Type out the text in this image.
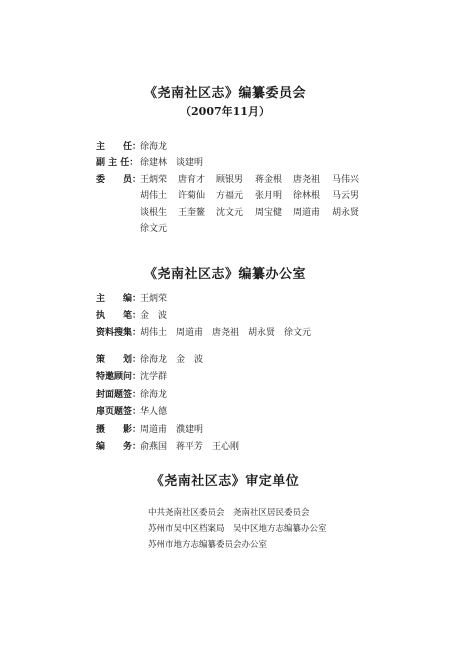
《尧南社区志》编纂委员会
（2007年11月）
主　　任：
徐海龙
副 主 任： 徐建林　谈建明
委　　员：
王炳荣 唐育才 顾银男 蒋金根 唐尧祖 马伟兴
胡伟土 许菊仙 方福元 张月明 徐林根 马云男
谈根生 王奎鳌 沈文元 周宝健 周道甫 胡永贤
徐文元
《尧南社区志》编纂办公室
主　　编：
王炳荣
执　　笔：
金　波
资料搜集：
胡伟土　周道甫　唐尧祖　胡永贤　徐文元
策　　划：
徐海龙　金　波
特邀顾问：
沈学群
封面题签：
徐海龙
扉页题签：
华人德
摄　　影：
周道甫　濮建明
编　　务：
俞燕国　蒋平芳　王心刚
《尧南社区志》审定单位
中共尧南社区委员会　尧南社区居民委员会
苏州市吴中区档案局　吴中区地方志编纂办公室
苏州市地方志编纂委员会办公室
